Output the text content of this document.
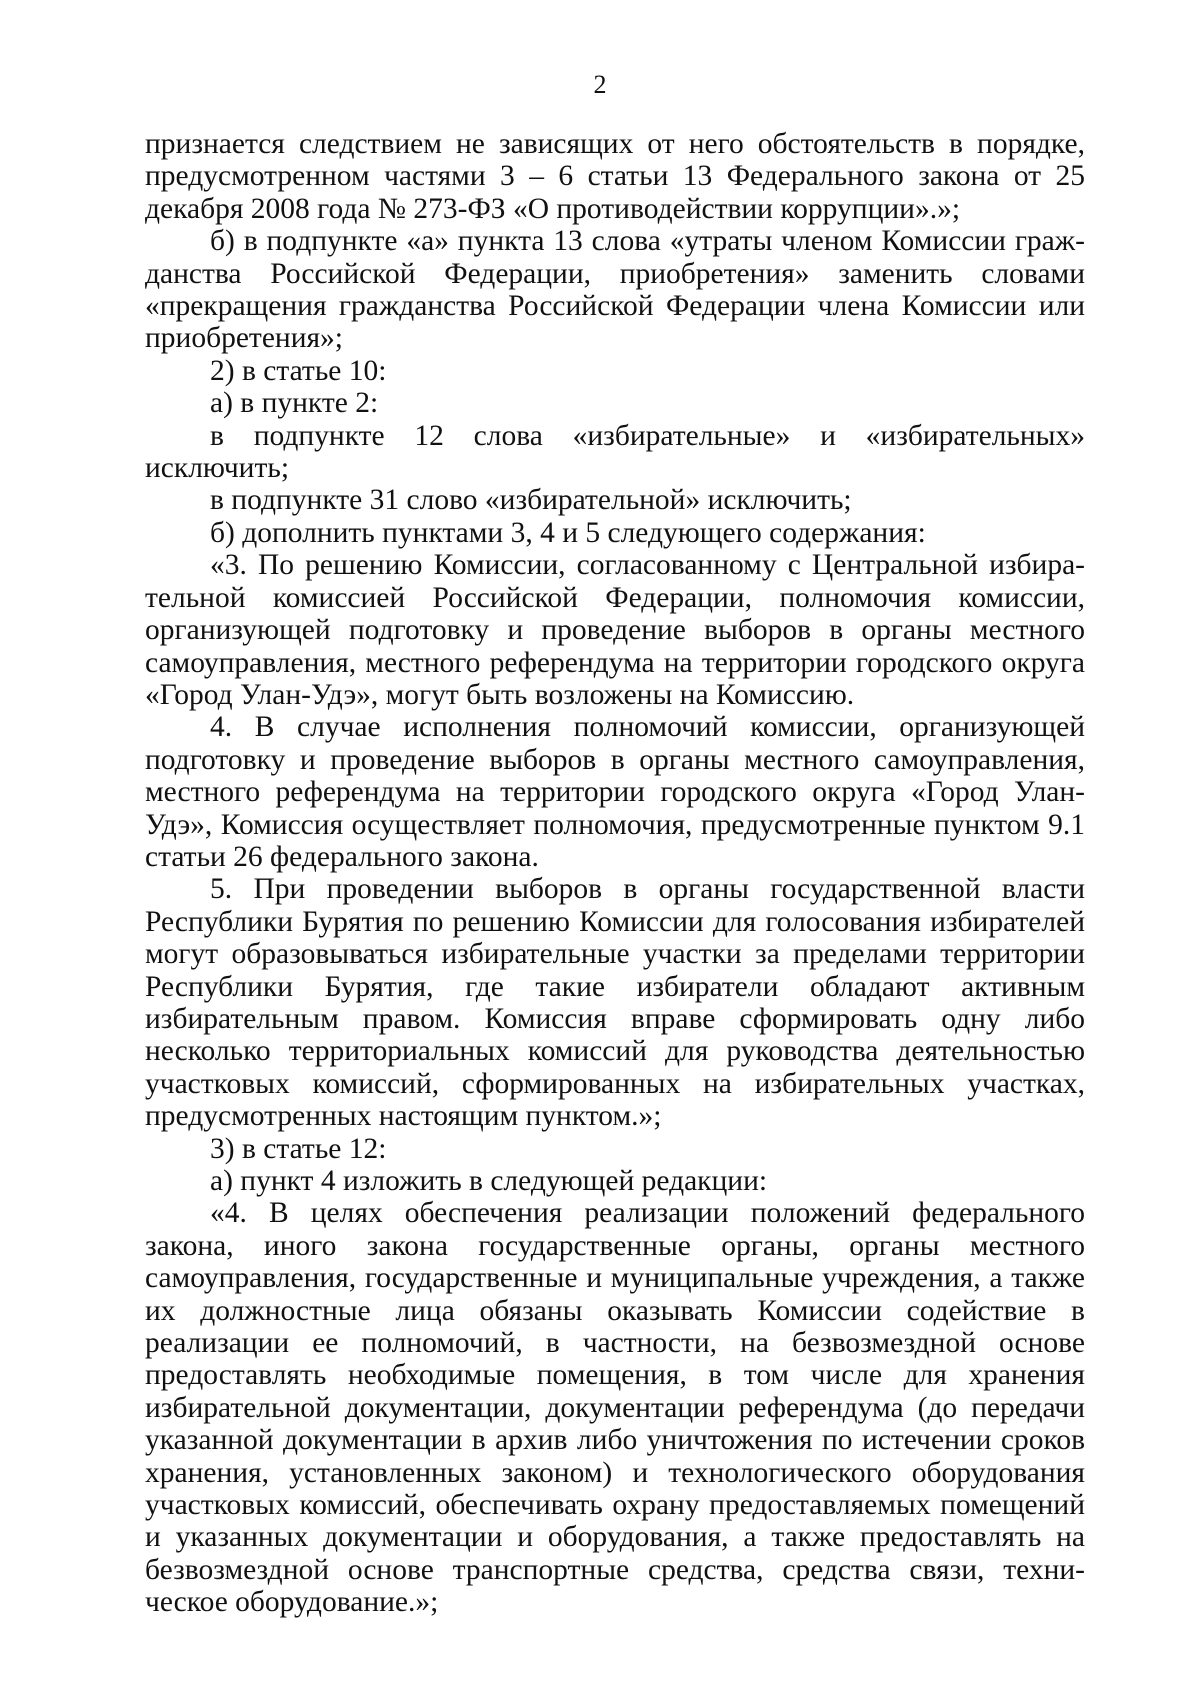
2

признается следствием не зависящих от него обстоятельств в порядке, предусмотренном частями 3 – 6 статьи 13 Федерального закона от 25 декабря 2008 года № 273-ФЗ «О противодействии коррупции».»;

б) в подпункте «а» пункта 13 слова «утраты членом Комиссии гражданства Российской Федерации, приобретения» заменить словами «прекращения гражданства Российской Федерации члена Комиссии или приобретения»;

2) в статье 10:

а) в пункте 2:

в подпункте 12 слова «избирательные» и «избирательных» исключить;

в подпункте 31 слово «избирательной» исключить;

б) дополнить пунктами 3, 4 и 5 следующего содержания:

«3. По решению Комиссии, согласованному с Центральной избирательной комиссией Российской Федерации, полномочия комиссии, организующей подготовку и проведение выборов в органы местного самоуправления, местного референдума на территории городского округа «Город Улан-Удэ», могут быть возложены на Комиссию.

4. В случае исполнения полномочий комиссии, организующей подготовку и проведение выборов в органы местного самоуправления, местного референдума на территории городского округа «Город Улан-Удэ», Комиссия осуществляет полномочия, предусмотренные пунктом 9.1 статьи 26 федерального закона.

5. При проведении выборов в органы государственной власти Республики Бурятия по решению Комиссии для голосования избирателей могут образовываться избирательные участки за пределами территории Республики Бурятия, где такие избиратели обладают активным избирательным правом. Комиссия вправе сформировать одну либо несколько территориальных комиссий для руководства деятельностью участковых комиссий, сформированных на избирательных участках, предусмотренных настоящим пунктом.»;

3) в статье 12:

а) пункт 4 изложить в следующей редакции:

«4. В целях обеспечения реализации положений федерального закона, иного закона государственные органы, органы местного самоуправления, государственные и муниципальные учреждения, а также их должностные лица обязаны оказывать Комиссии содействие в реализации ее полномочий, в частности, на безвозмездной основе предоставлять необходимые помещения, в том числе для хранения избирательной документации, документации референдума (до передачи указанной документации в архив либо уничтожения по истечении сроков хранения, установленных законом) и технологического оборудования участковых комиссий, обеспечивать охрану предоставляемых помещений и указанных документации и оборудования, а также предоставлять на безвозмездной основе транспортные средства, средства связи, техническое оборудование.»;
